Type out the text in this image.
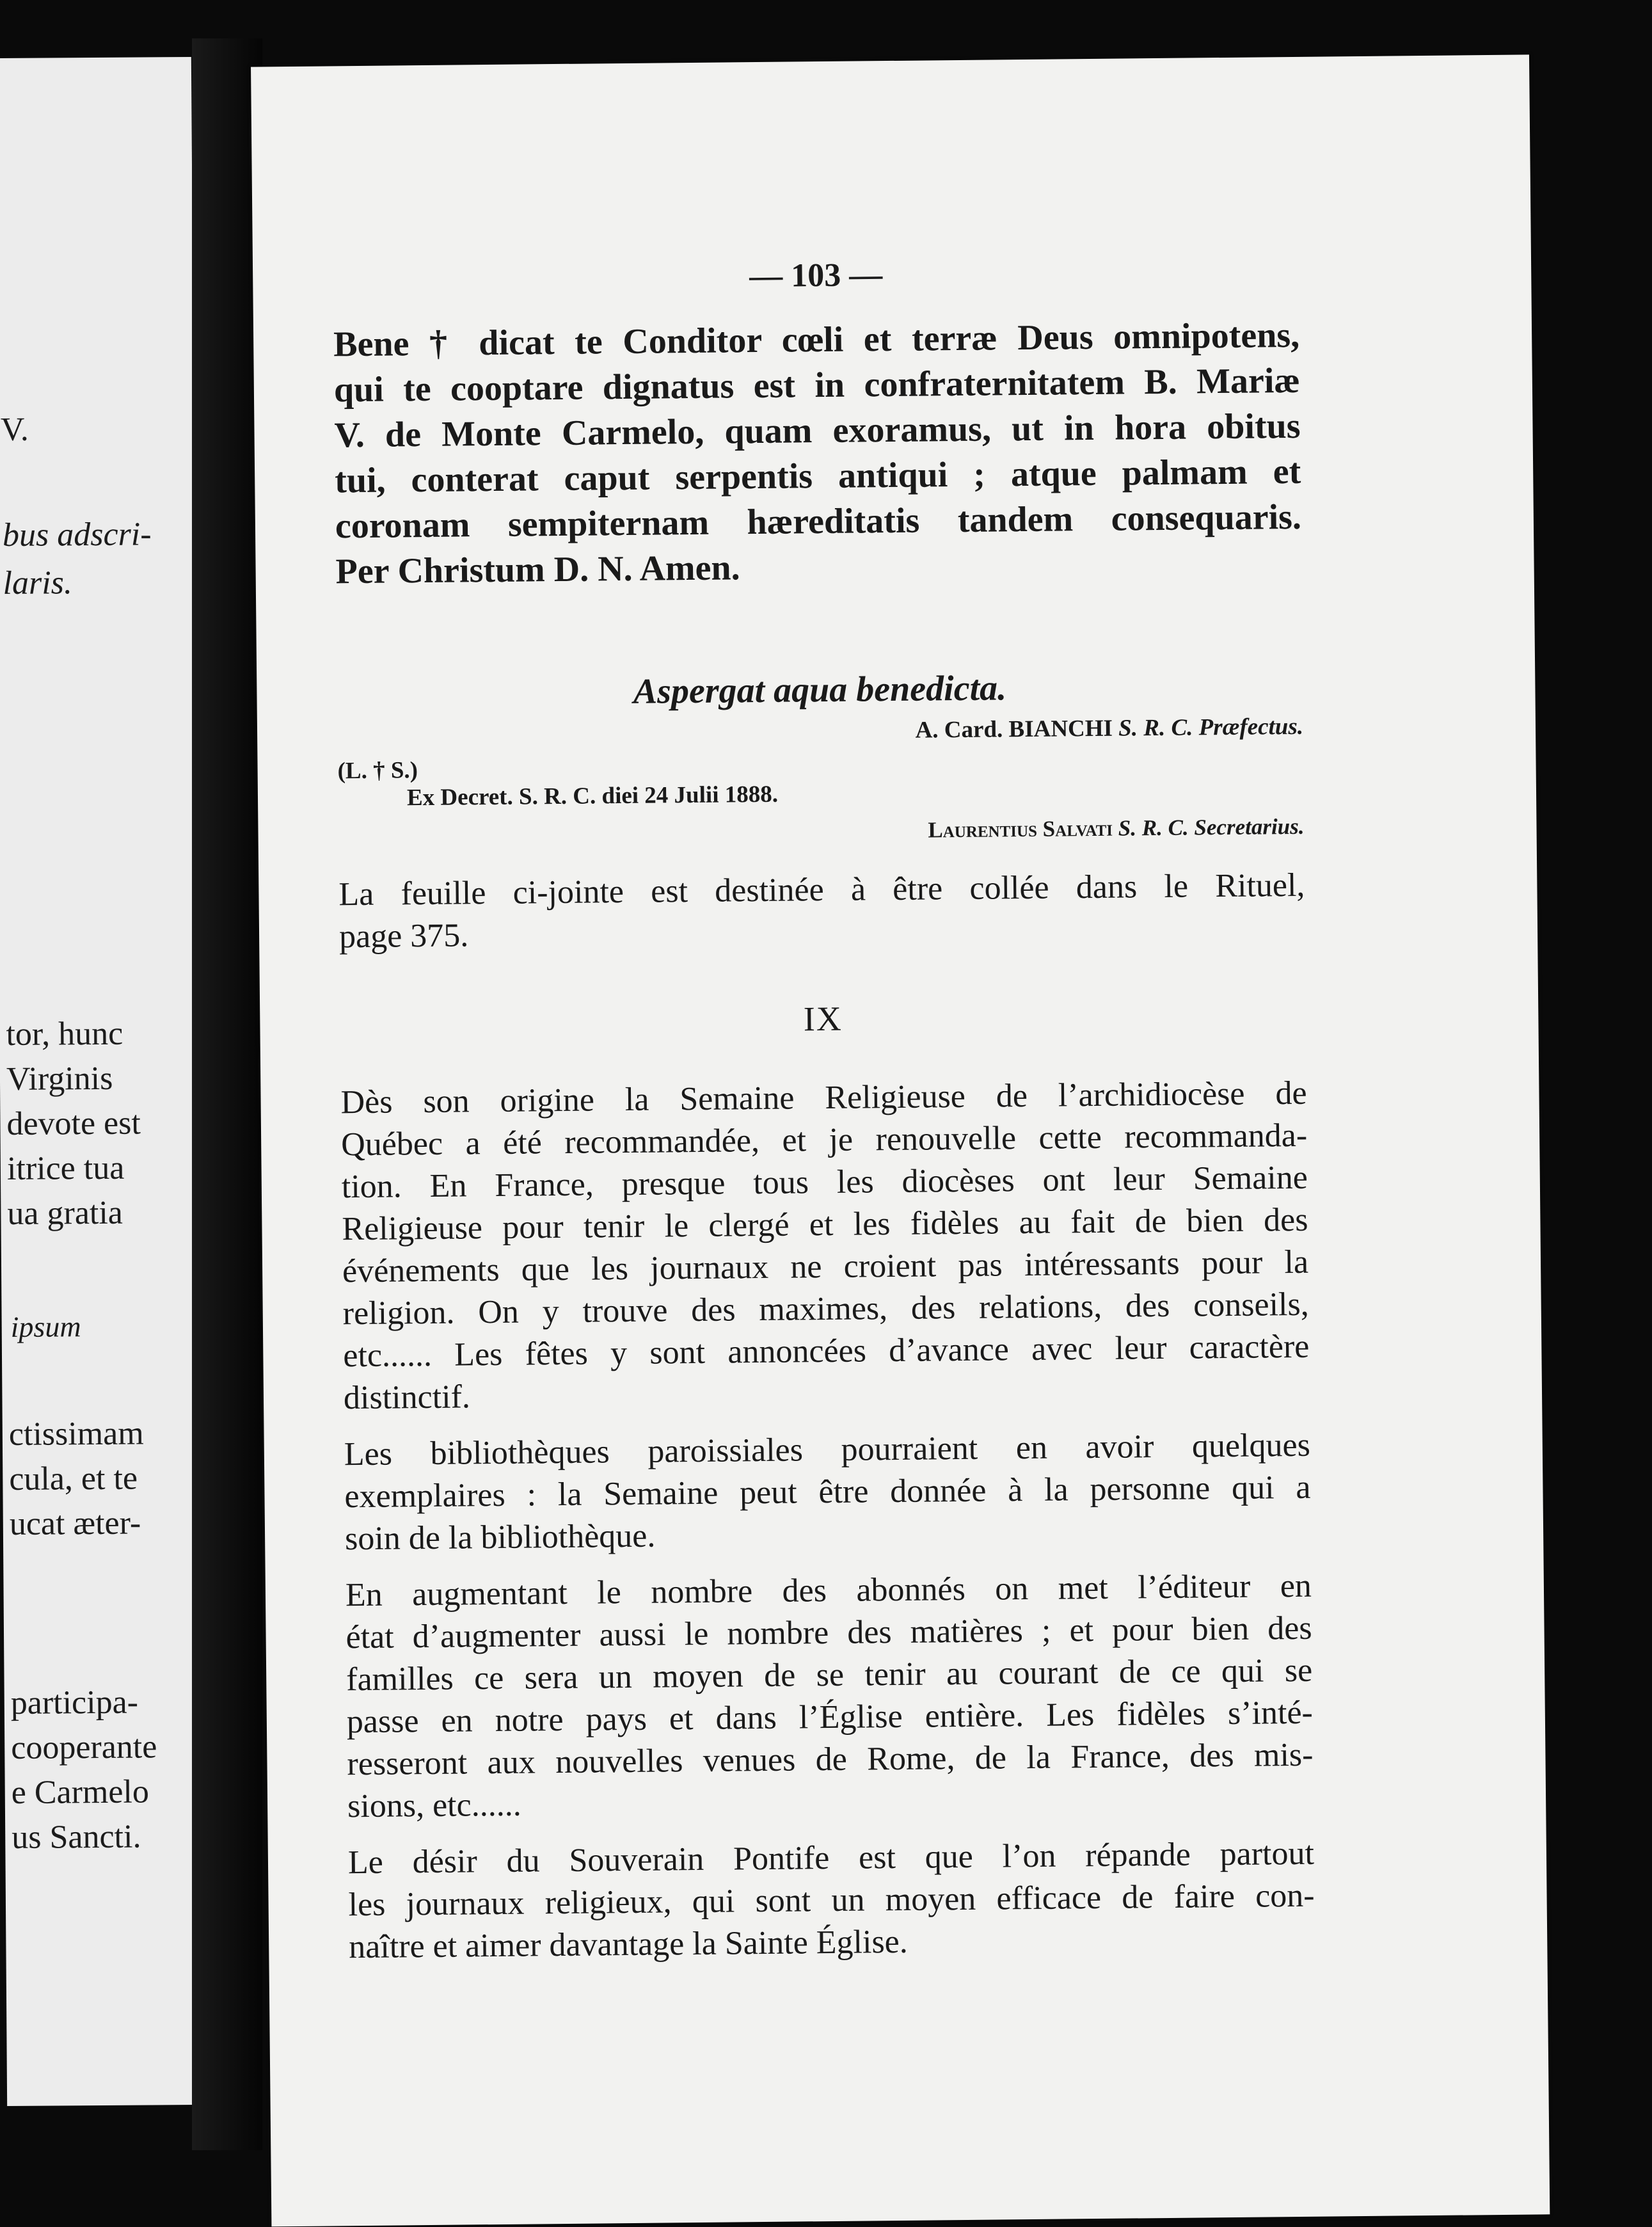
V.
bus adscri-
laris.
tor, hunc
Virginis
devote est
itrice tua
ua gratia
ipsum
ctissimam
cula, et te
ucat æter-
participa-
cooperante
e Carmelo
us Sancti.
— 103 —
Bene † dicat te Conditor cœli et terræ Deus omnipotens,
qui te cooptare dignatus est in confraternitatem B. Mariæ
V. de Monte Carmelo, quam exoramus, ut in hora obitus
tui, conterat caput serpentis antiqui ; atque palmam et
coronam sempiternam hæreditatis tandem consequaris.
Per Christum D. N. Amen.
Aspergat aqua benedicta.
A. Card. BIANCHI S. R. C. Præfectus.
(L. † S.)
Ex Decret. S. R. C. diei 24 Julii 1888.
Laurentius Salvati S. R. C. Secretarius.
La feuille ci-jointe est destinée à être collée dans le Rituel,
page 375.
IX

Dès son origine la Semaine Religieuse de l’archidiocèse de
Québec a été recommandée, et je renouvelle cette recommanda-
tion. En France, presque tous les diocèses ont leur Semaine
Religieuse pour tenir le clergé et les fidèles au fait de bien des
événements que les journaux ne croient pas intéressants pour la
religion. On y trouve des maximes, des relations, des conseils,
etc...... Les fêtes y sont annoncées d’avance avec leur caractère
distinctif.

Les bibliothèques paroissiales pourraient en avoir quelques
exemplaires : la Semaine peut être donnée à la personne qui a
soin de la bibliothèque.

En augmentant le nombre des abonnés on met l’éditeur en
état d’augmenter aussi le nombre des matières ; et pour bien des
familles ce sera un moyen de se tenir au courant de ce qui se
passe en notre pays et dans l’Église entière. Les fidèles s’inté-
resseront aux nouvelles venues de Rome, de la France, des mis-
sions, etc......

Le désir du Souverain Pontife est que l’on répande partout
les journaux religieux, qui sont un moyen efficace de faire con-
naître et aimer davantage la Sainte Église.
